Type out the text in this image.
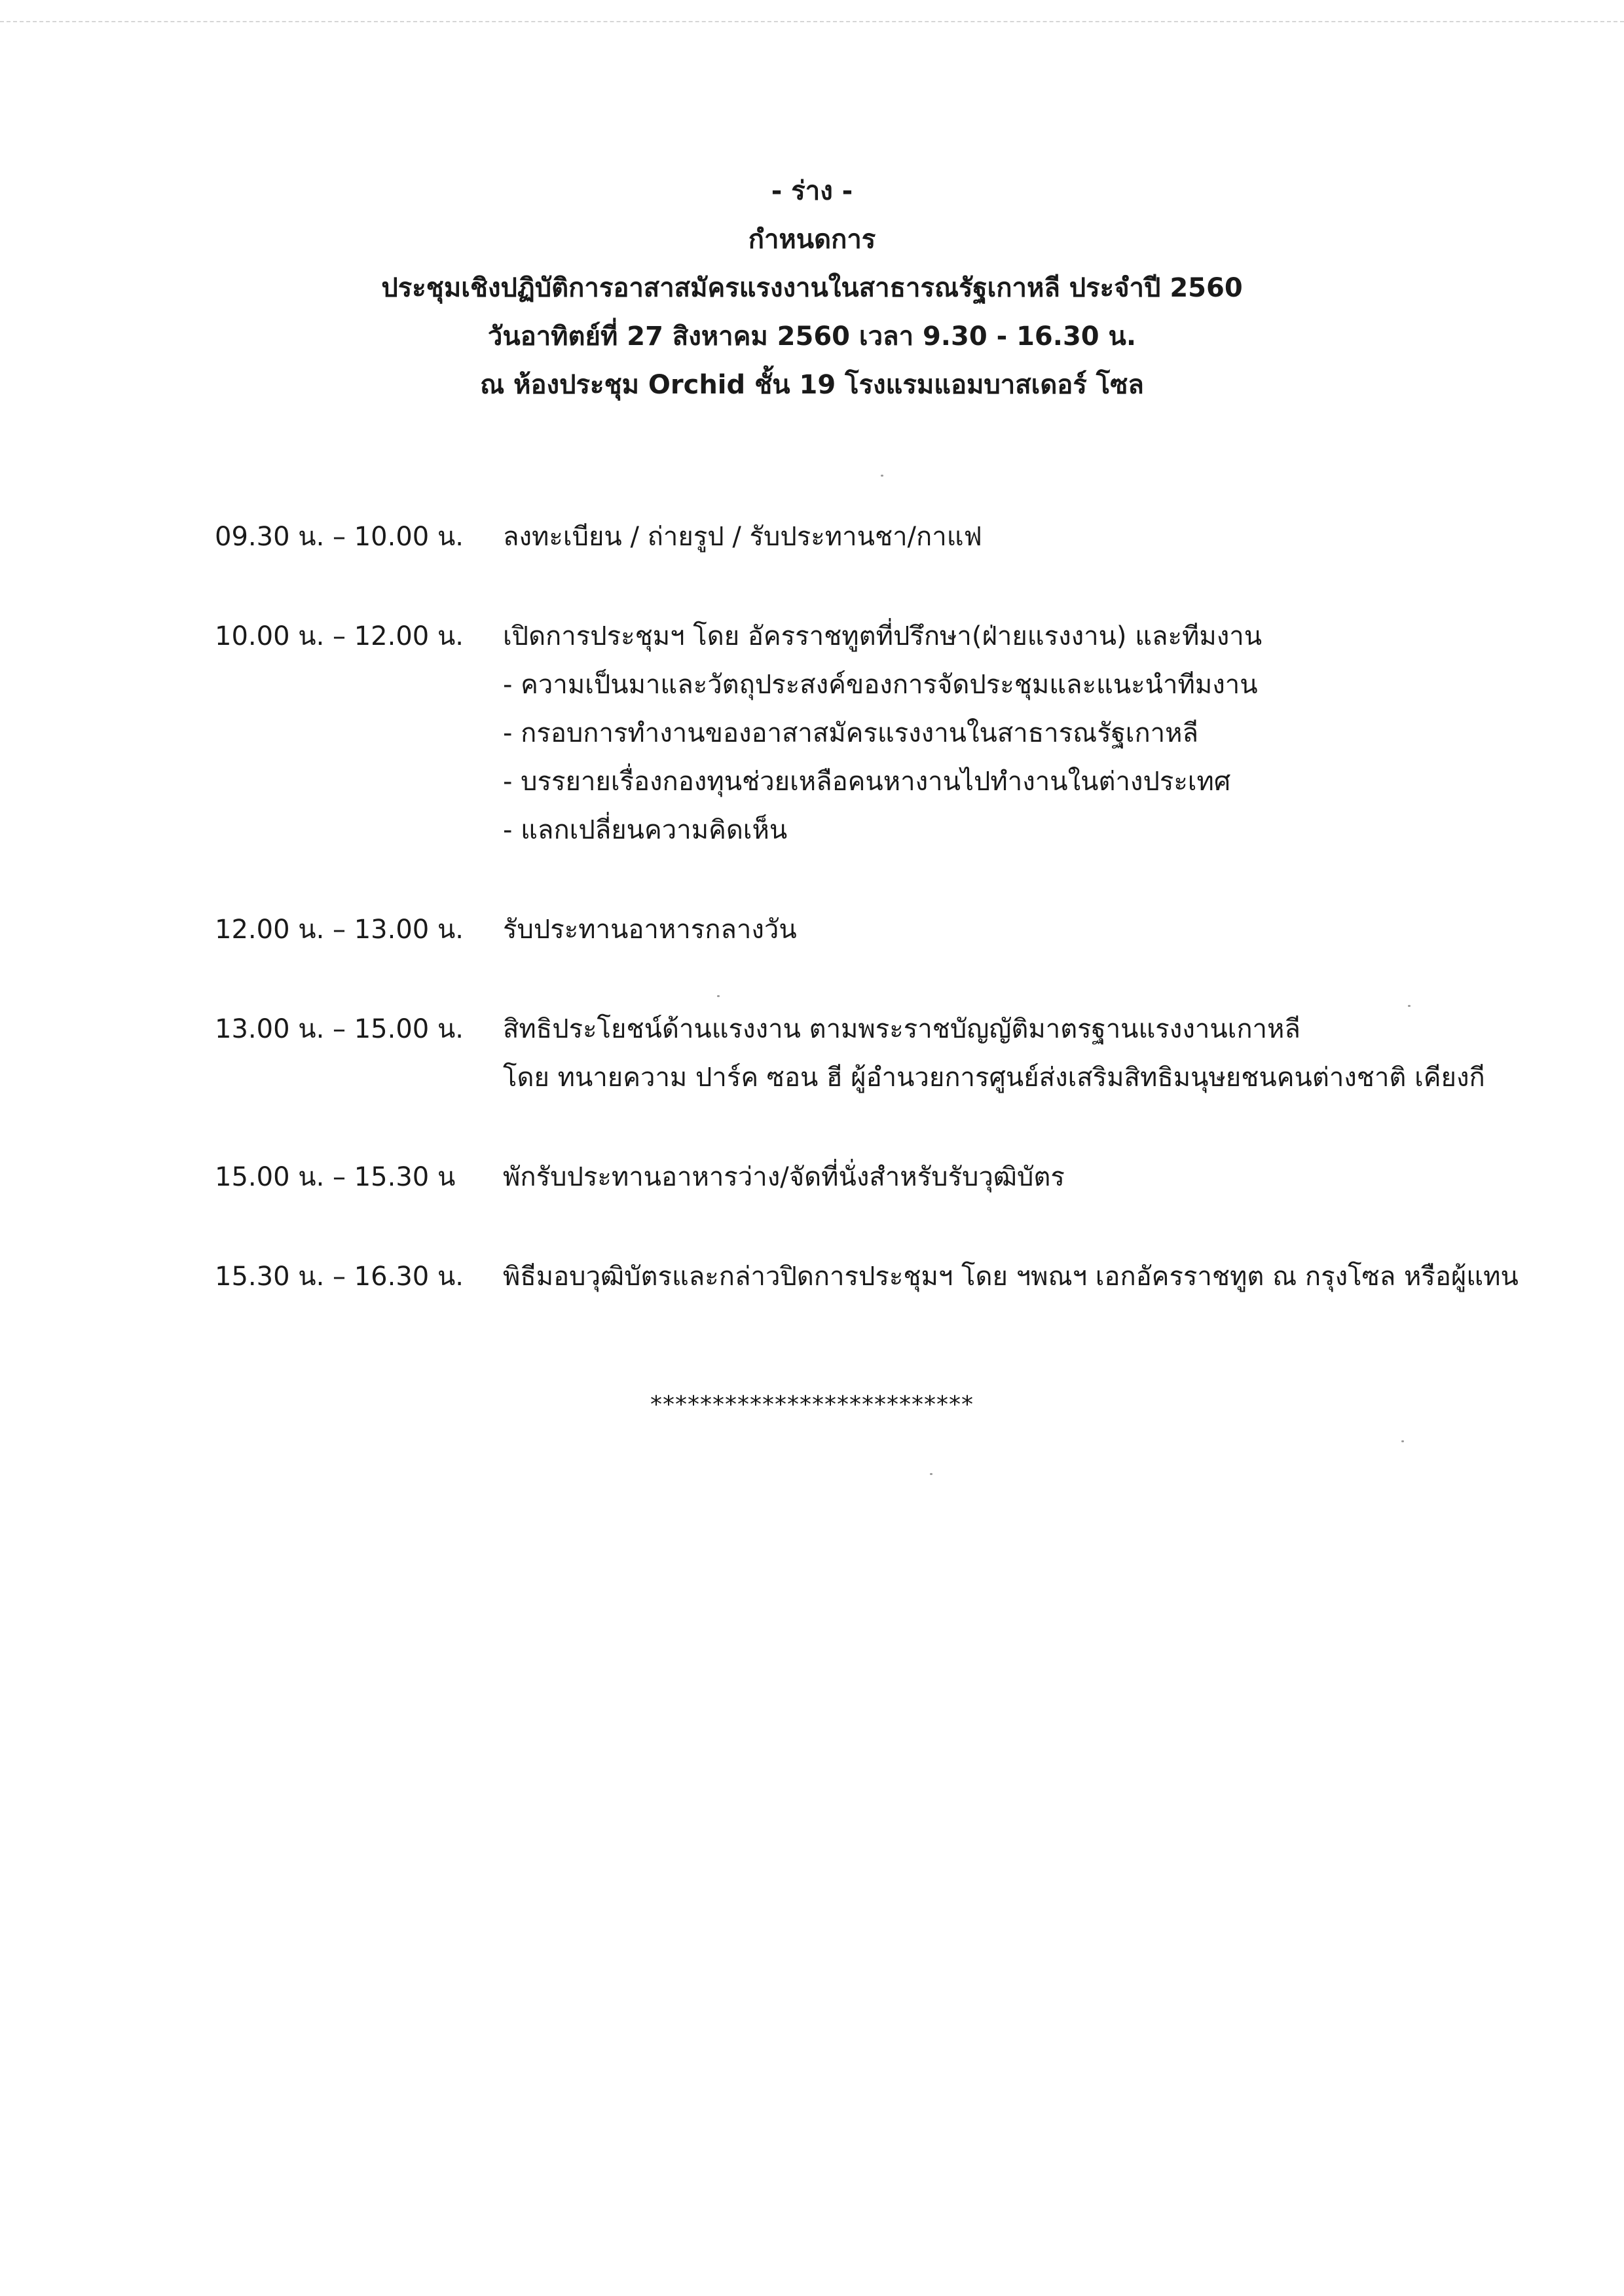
- ร่าง -
กำหนดการ
ประชุมเชิงปฏิบัติการอาสาสมัครแรงงานในสาธารณรัฐเกาหลี ประจำปี 2560
วันอาทิตย์ที่ 27 สิงหาคม 2560 เวลา 9.30 - 16.30 น.
ณ ห้องประชุม Orchid ชั้น 19 โรงแรมแอมบาสเดอร์ โซล
09.30 น. – 10.00 น.	ลงทะเบียน / ถ่ายรูป / รับประทานชา/กาแฟ
10.00 น. – 12.00 น.	เปิดการประชุมฯ โดย อัครราชทูตที่ปรึกษา(ฝ่ายแรงงาน) และทีมงาน
- ความเป็นมาและวัตถุประสงค์ของการจัดประชุมและแนะนำทีมงาน
- กรอบการทำงานของอาสาสมัครแรงงานในสาธารณรัฐเกาหลี
- บรรยายเรื่องกองทุนช่วยเหลือคนหางานไปทำงานในต่างประเทศ
- แลกเปลี่ยนความคิดเห็น
12.00 น. – 13.00 น.	รับประทานอาหารกลางวัน
13.00 น. – 15.00 น.	สิทธิประโยชน์ด้านแรงงาน ตามพระราชบัญญัติมาตรฐานแรงงานเกาหลี
โดย ทนายความ ปาร์ค ซอน ฮี ผู้อำนวยการศูนย์ส่งเสริมสิทธิมนุษยชนคนต่างชาติ เคียงกี
15.00 น. – 15.30 น	พักรับประทานอาหารว่าง/จัดที่นั่งสำหรับรับวุฒิบัตร
15.30 น. – 16.30 น.	พิธีมอบวุฒิบัตรและกล่าวปิดการประชุมฯ โดย ฯพณฯ เอกอัครราชทูต ณ กรุงโซล หรือผู้แทน
**************************
